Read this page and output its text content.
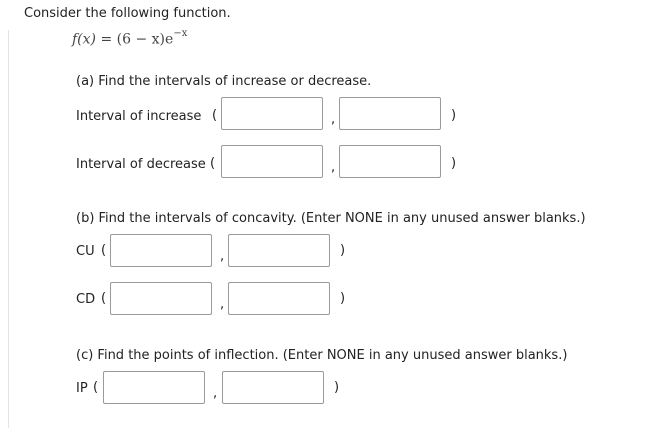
Consider the following function.
$f(x) = (6 - x)e^{-x}$
(a) Find the intervals of increase or decrease.
Interval of increase (	,	)
Interval of decrease (	,	)
(b) Find the intervals of concavity. (Enter NONE in any unused answer blanks.)
CU (	,	)
CD (	,	)
(c) Find the points of inflection. (Enter NONE in any unused answer blanks.)
IP (	,	)
